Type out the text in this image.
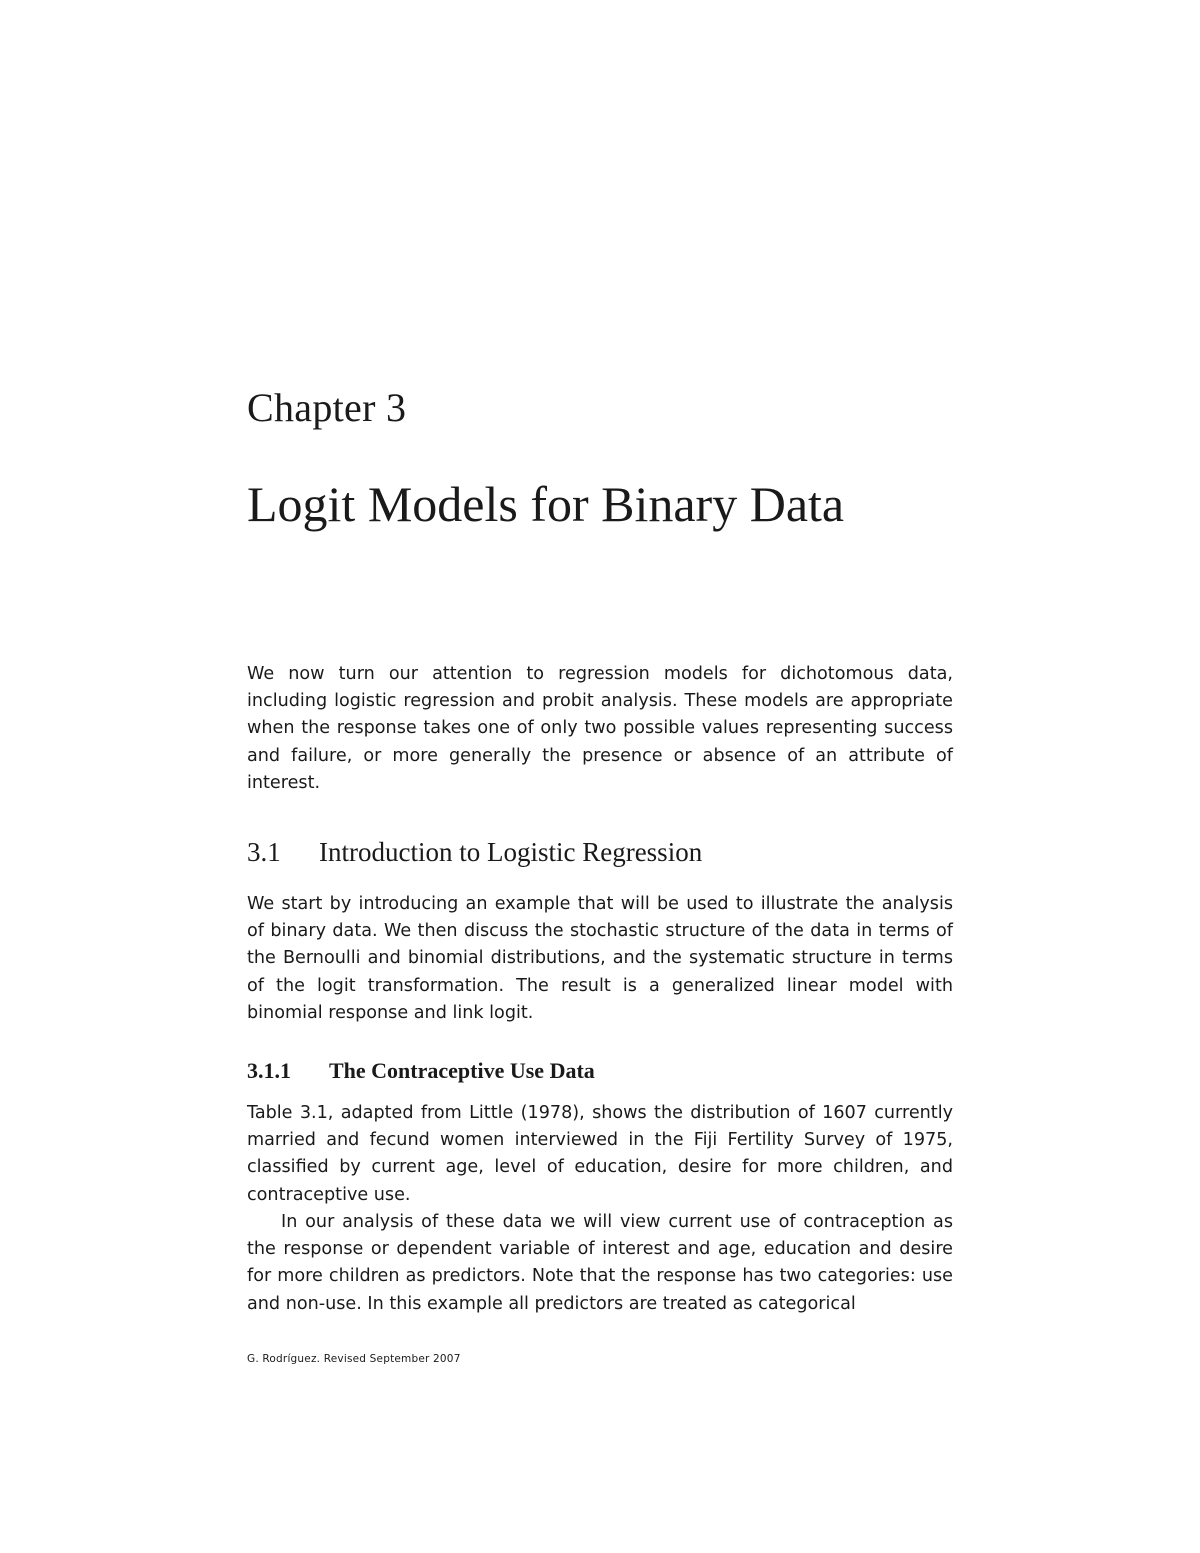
Chapter 3
Logit Models for Binary Data

We now turn our attention to regression models for dichotomous data, including logistic regression and probit analysis. These models are appropriate when the response takes one of only two possible values representing success and failure, or more generally the presence or absence of an attribute of interest.

3.1 Introduction to Logistic Regression

We start by introducing an example that will be used to illustrate the analysis of binary data. We then discuss the stochastic structure of the data in terms of the Bernoulli and binomial distributions, and the systematic structure in terms of the logit transformation. The result is a generalized linear model with binomial response and link logit.

3.1.1 The Contraceptive Use Data

Table 3.1, adapted from Little (1978), shows the distribution of 1607 currently married and fecund women interviewed in the Fiji Fertility Survey of 1975, classified by current age, level of education, desire for more children, and contraceptive use.

In our analysis of these data we will view current use of contraception as the response or dependent variable of interest and age, education and desire for more children as predictors. Note that the response has two categories: use and non-use. In this example all predictors are treated as categorical

G. Rodríguez. Revised September 2007
